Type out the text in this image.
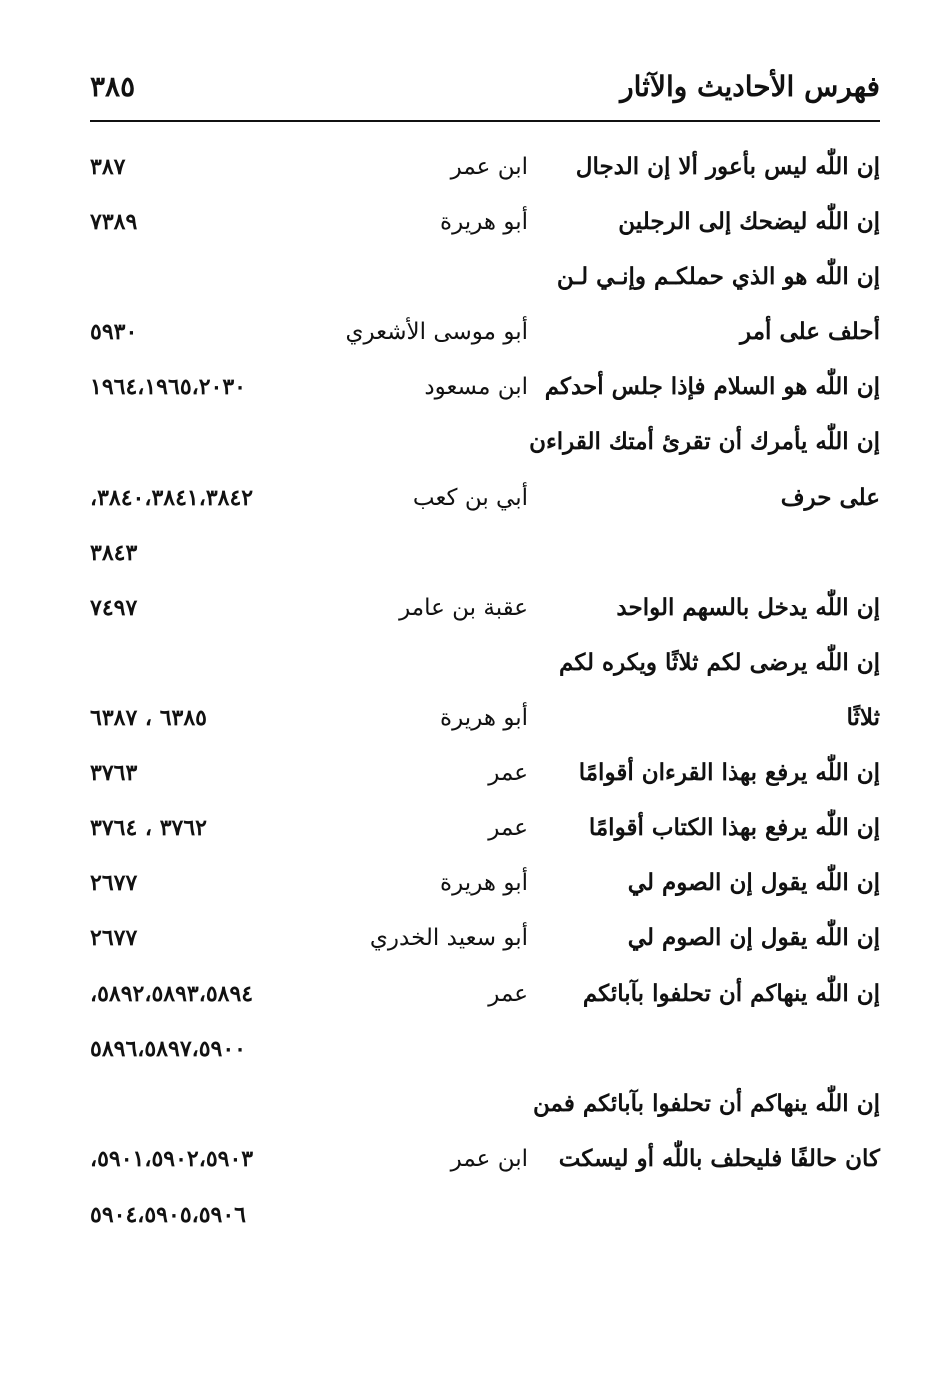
فهرس الأحاديث والآثار
٣٨٥
إن اللّٰه ليس بأعور ألا إن الدجال
ابن عمر
٣٨٧
إن اللّٰه ليضحك إلى الرجلين
أبو هريرة
٧٣٨٩
إن اللّٰه هو الذي حملكـم وإنـي لـن
أحلف على أمر
أبو موسى الأشعري
٥٩٣٠
إن اللّٰه هو السلام فإذا جلس أحدكم
ابن مسعود
١٩٦٤،١٩٦٥،٢٠٣٠
إن اللّٰه يأمرك أن تقرئ أمتك القراءن
على حرف
أبي بن كعب
٣٨٤٠،٣٨٤١،٣٨٤٢،
٣٨٤٣
إن اللّٰه يدخل بالسهم الواحد
عقبة بن عامر
٧٤٩٧
إن اللّٰه يرضى لكم ثلاثًا ويكره لكم
ثلاثًا
أبو هريرة
٦٣٨٥ ، ٦٣٨٧
إن اللّٰه يرفع بهذا القرءان أقوامًا
عمر
٣٧٦٣
إن اللّٰه يرفع بهذا الكتاب أقوامًا
عمر
٣٧٦٢ ، ٣٧٦٤
إن اللّٰه يقول إن الصوم لي
أبو هريرة
٢٦٧٧
إن اللّٰه يقول إن الصوم لي
أبو سعيد الخدري
٢٦٧٧
إن اللّٰه ينهاكم أن تحلفوا بآبائكم
عمر
٥٨٩٢،٥٨٩٣،٥٨٩٤،
٥٨٩٦،٥٨٩٧،٥٩٠٠
إن اللّٰه ينهاكم أن تحلفوا بآبائكم فمن
كان حالفًا فليحلف باللّٰه أو ليسكت
ابن عمر
٥٩٠١،٥٩٠٢،٥٩٠٣،
٥٩٠٤،٥٩٠٥،٥٩٠٦
